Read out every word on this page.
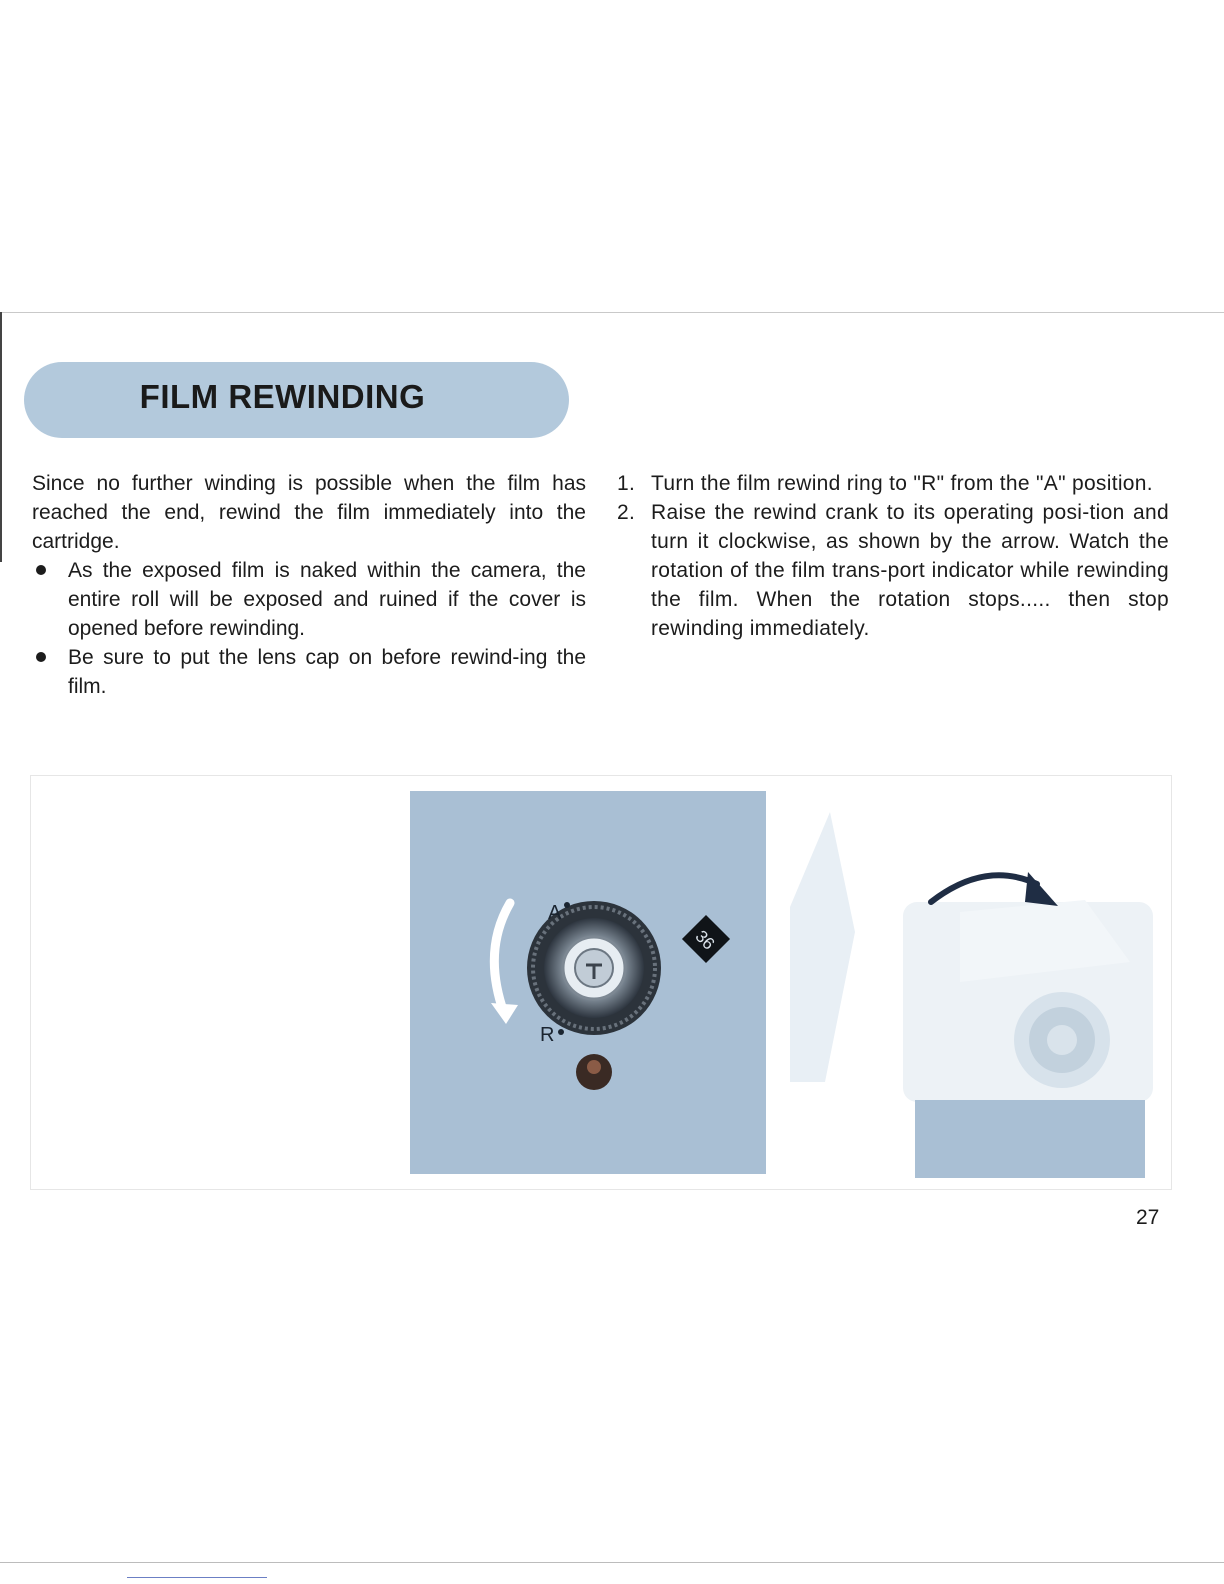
FILM REWINDING

Since no further winding is possible when the film has reached the end, rewind the film immediately into the cartridge.

As the exposed film is naked within the camera, the entire roll will be exposed and ruined if the cover is opened before rewinding.

Be sure to put the lens cap on before rewind-ing the film.

1. Turn the film rewind ring to "R" from the "A" position.

2. Raise the rewind crank to its operating posi-tion and turn it clockwise, as shown by the arrow. Watch the rotation of the film trans-port indicator while rewinding the film. When the rotation stops..... then stop rewinding immediately.

A
R
36
27
